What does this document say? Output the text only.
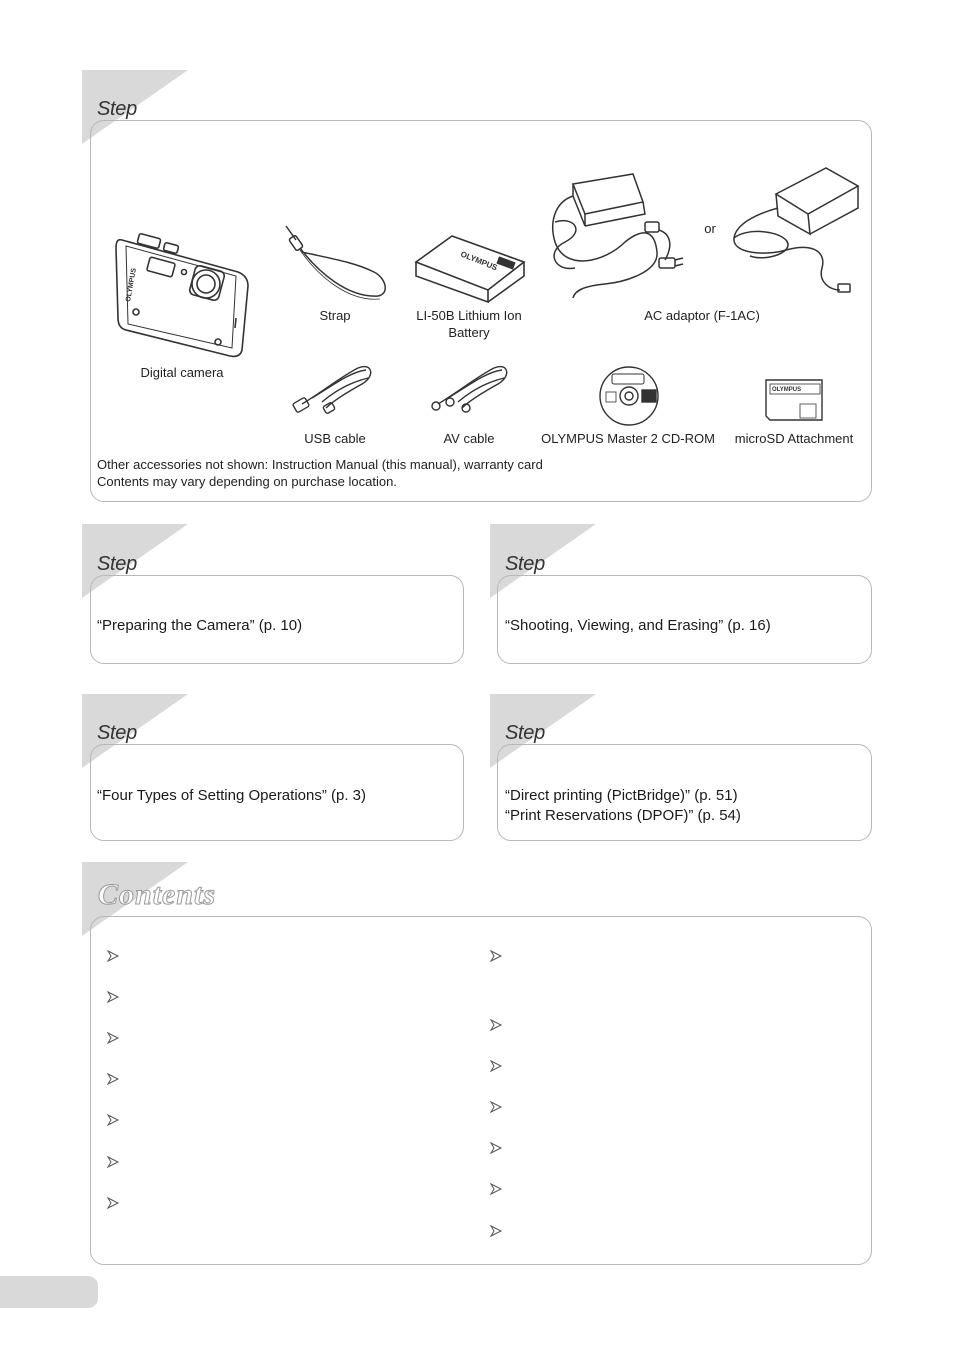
Step
OLYMPUS
Digital camera
Strap
OLYMPUS
LI-50B Lithium Ion Battery
or
AC adaptor (F-1AC)
USB cable	AV cable	OLYMPUS Master 2 CD-ROM
OLYMPUS
microSD Attachment
Other accessories not shown: Instruction Manual (this manual), warranty card
Contents may vary depending on purchase location.
Step
“Preparing the Camera” (p. 10)
Step
“Shooting, Viewing, and Erasing” (p. 16)
Step
“Four Types of Setting Operations” (p. 3)
Step
“Direct printing (PictBridge)” (p. 51)
“Print Reservations (DPOF)” (p. 54)
Contents
